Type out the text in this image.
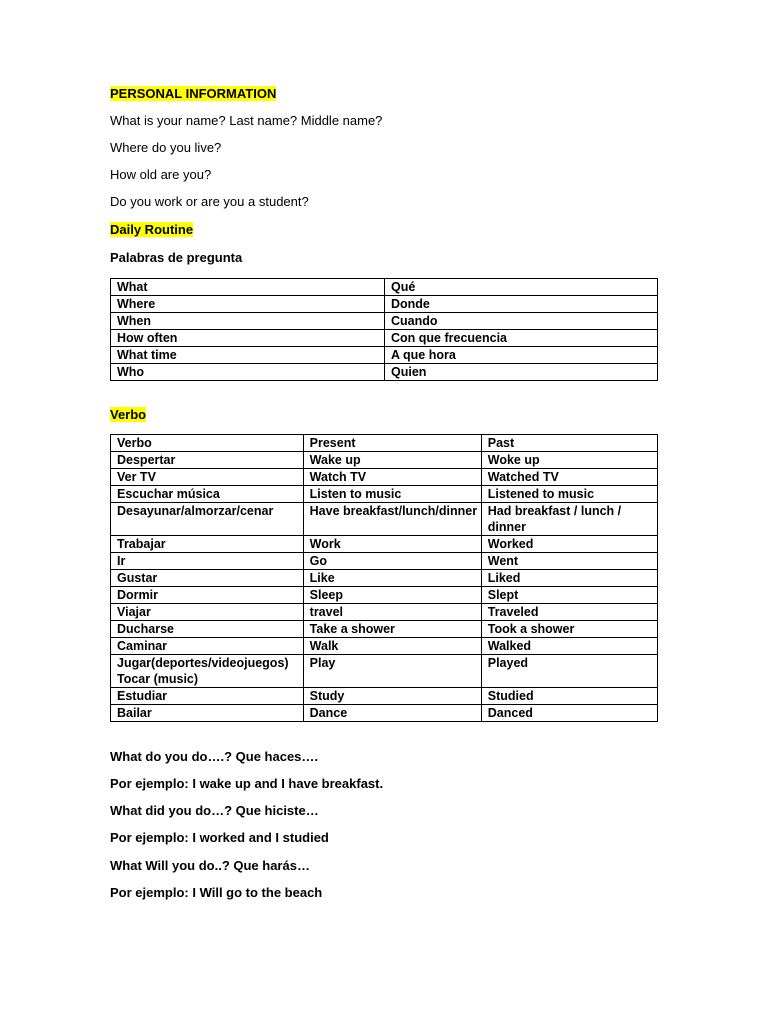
PERSONAL INFORMATION
What is your name? Last name? Middle name?
Where do you live?
How old are you?
Do you work or are you a student?
Daily Routine
Palabras de pregunta
What	Qué
Where	Donde
When	Cuando
How often	Con que frecuencia
What time	A que hora
Who	Quien
Verbo
Verbo	Present	Past
Despertar	Wake up	Woke up
Ver TV	Watch TV	Watched TV
Escuchar música	Listen to music	Listened to music
Desayunar/almorzar/cenar	Have breakfast/lunch/dinner	Had breakfast / lunch / dinner
Trabajar	Work	Worked
Ir	Go	Went
Gustar	Like	Liked
Dormir	Sleep	Slept
Viajar	travel	Traveled
Ducharse	Take a shower	Took a shower
Caminar	Walk	Walked
Jugar(deportes/videojuegos) Tocar (music)	Play	Played
Estudiar	Study	Studied
Bailar	Dance	Danced
What do you do….? Que haces….
Por ejemplo: I wake up and I have breakfast.
What did you do…? Que hiciste…
Por ejemplo: I worked and I studied
What Will you do..? Que harás…
Por ejemplo: I Will go to the beach
